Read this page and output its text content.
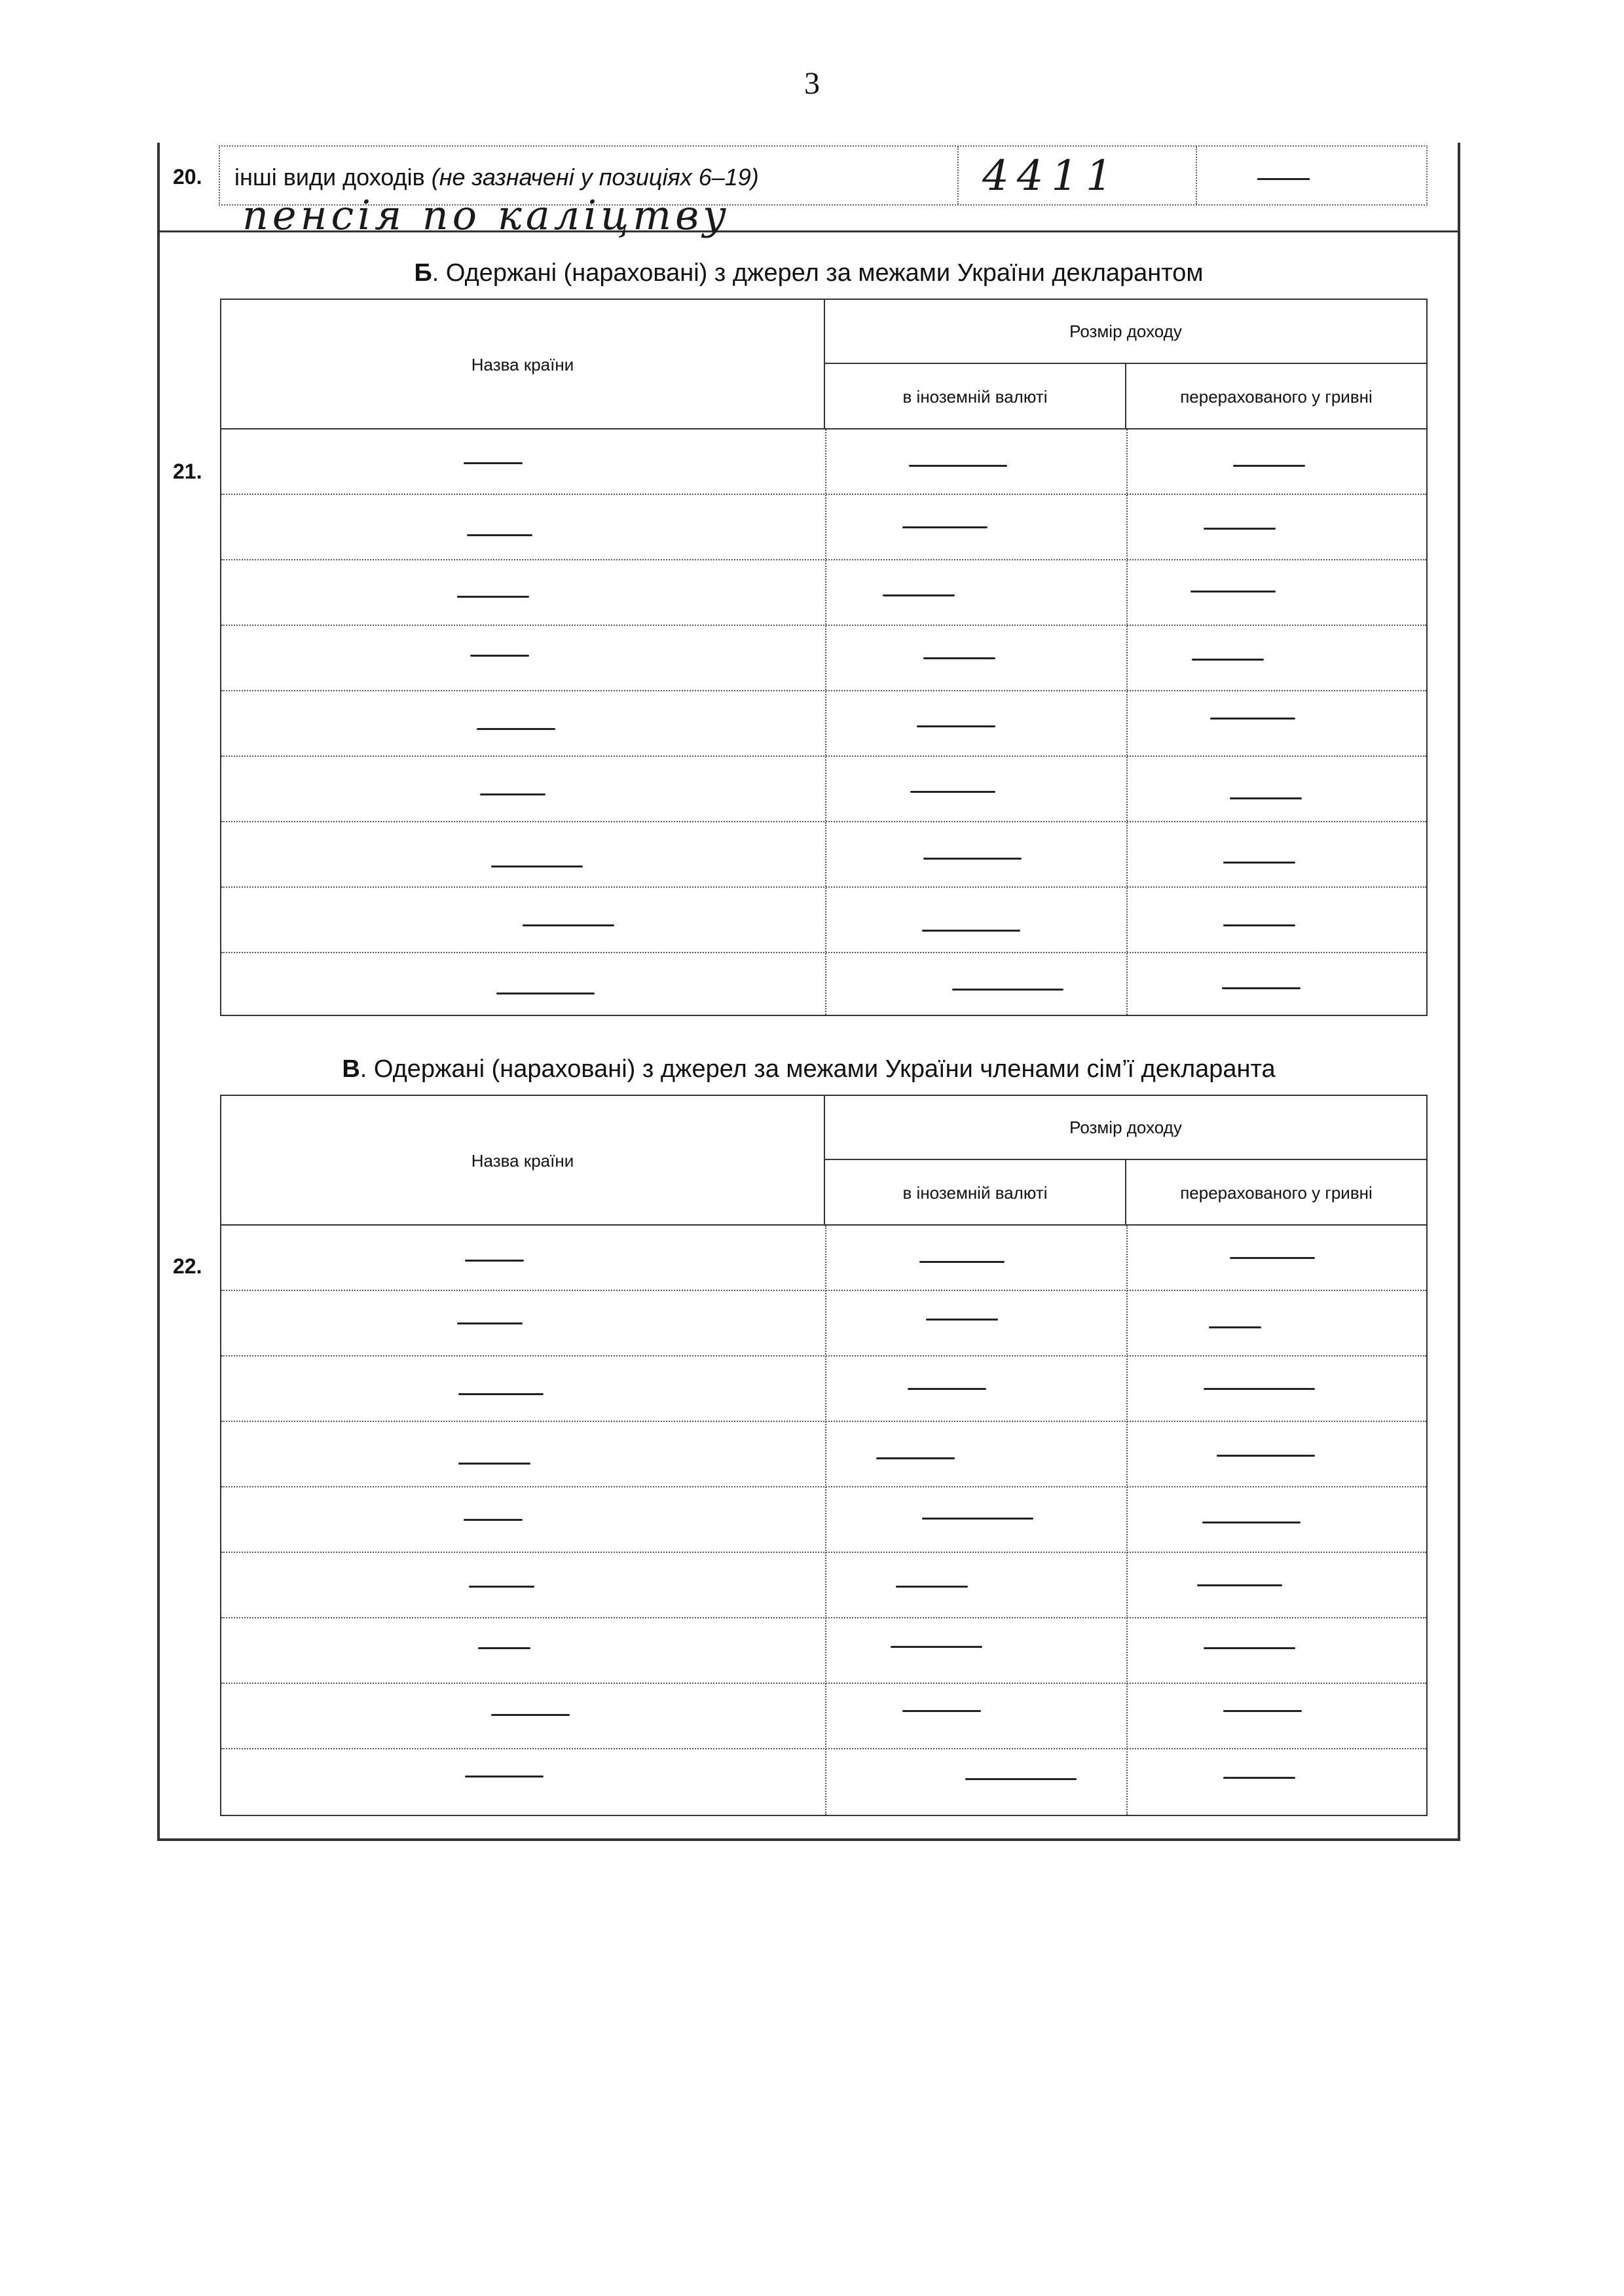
3
20. інші види доходів (не зазначені у позиціях 6–19)	4411
пенсія по каліцтву
Б. Одержані (нараховані) з джерел за межами України декларантом
21.
Назва країни
Розмір доходу
в іноземній валюті	перерахованого у гривні
В. Одержані (нараховані) з джерел за межами України членами сім’ї декларанта
22.
Назва країни
Розмір доходу
в іноземній валюті	перерахованого у гривні
